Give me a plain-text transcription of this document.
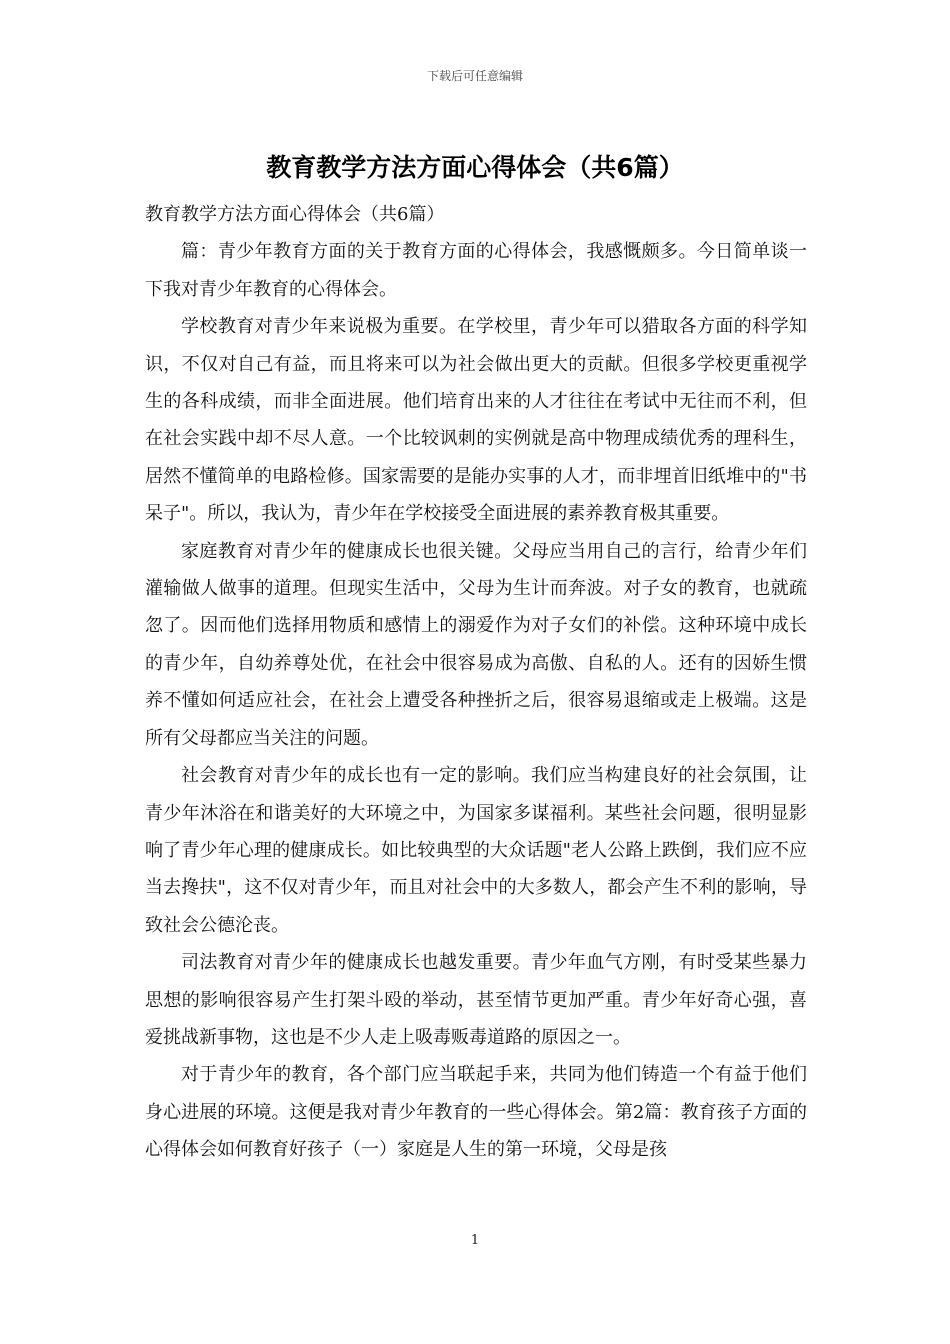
下载后可任意编辑
教育教学方法方面心得体会（共6篇）

教育教学方法方面心得体会（共6篇）

篇：青少年教育方面的关于教育方面的心得体会，我感慨颇多。今日简单谈一下我对青少年教育的心得体会。

学校教育对青少年来说极为重要。在学校里，青少年可以猎取各方面的科学知识，不仅对自己有益，而且将来可以为社会做出更大的贡献。但很多学校更重视学生的各科成绩，而非全面进展。他们培育出来的人才往往在考试中无往而不利，但在社会实践中却不尽人意。一个比较讽刺的实例就是高中物理成绩优秀的理科生，居然不懂简单的电路检修。国家需要的是能办实事的人才，而非埋首旧纸堆中的"书呆子"。所以，我认为，青少年在学校接受全面进展的素养教育极其重要。

家庭教育对青少年的健康成长也很关键。父母应当用自己的言行，给青少年们灌输做人做事的道理。但现实生活中，父母为生计而奔波。对子女的教育，也就疏忽了。因而他们选择用物质和感情上的溺爱作为对子女们的补偿。这种环境中成长的青少年，自幼养尊处优，在社会中很容易成为高傲、自私的人。还有的因娇生惯养不懂如何适应社会，在社会上遭受各种挫折之后，很容易退缩或走上极端。这是所有父母都应当关注的问题。

社会教育对青少年的成长也有一定的影响。我们应当构建良好的社会氛围，让青少年沐浴在和谐美好的大环境之中，为国家多谋福利。某些社会问题，很明显影响了青少年心理的健康成长。如比较典型的大众话题"老人公路上跌倒，我们应不应当去搀扶"，这不仅对青少年，而且对社会中的大多数人，都会产生不利的影响，导致社会公德沦丧。

司法教育对青少年的健康成长也越发重要。青少年血气方刚，有时受某些暴力思想的影响很容易产生打架斗殴的举动，甚至情节更加严重。青少年好奇心强，喜爱挑战新事物，这也是不少人走上吸毒贩毒道路的原因之一。

对于青少年的教育，各个部门应当联起手来，共同为他们铸造一个有益于他们身心进展的环境。这便是我对青少年教育的一些心得体会。第2篇：教育孩子方面的心得体会如何教育好孩子（一）家庭是人生的第一环境，父母是孩

1
